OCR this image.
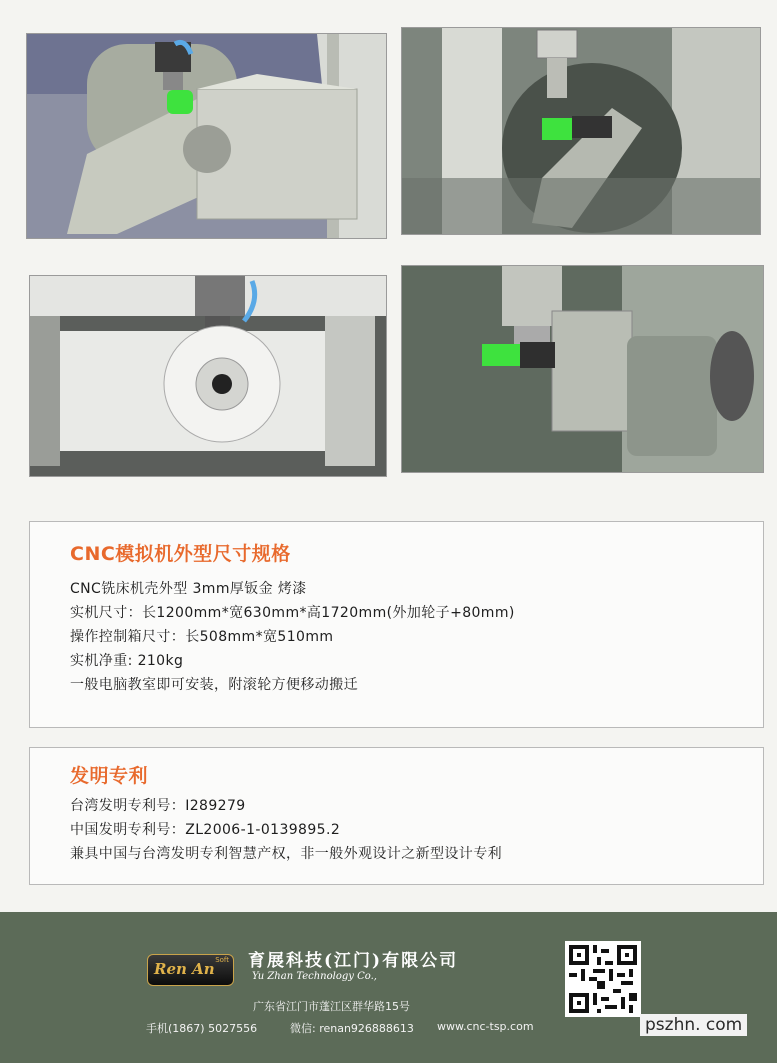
CNC模拟机外型尺寸规格
CNC铣床机壳外型 3mm厚钣金 烤漆
实机尺寸：长1200mm*宽630mm*高1720mm(外加轮子+80mm)
操作控制箱尺寸：长508mm*宽510mm
实机净重: 210kg
一般电脑教室即可安装，附滚轮方便移动搬迁
发明专利
台湾发明专利号：I289279
中国发明专利号：ZL2006-1-0139895.2
兼具中国与台湾发明专利智慧产权，非一般外观设计之新型设计专利
Ren An Soft 育展科技(江门)有限公司
Yu Zhan Technology Co.,
广东省江门市蓬江区群华路15号
手机(1867) 5027556	微信: renan926888613 www.cnc-tsp.com	pszhn. com
